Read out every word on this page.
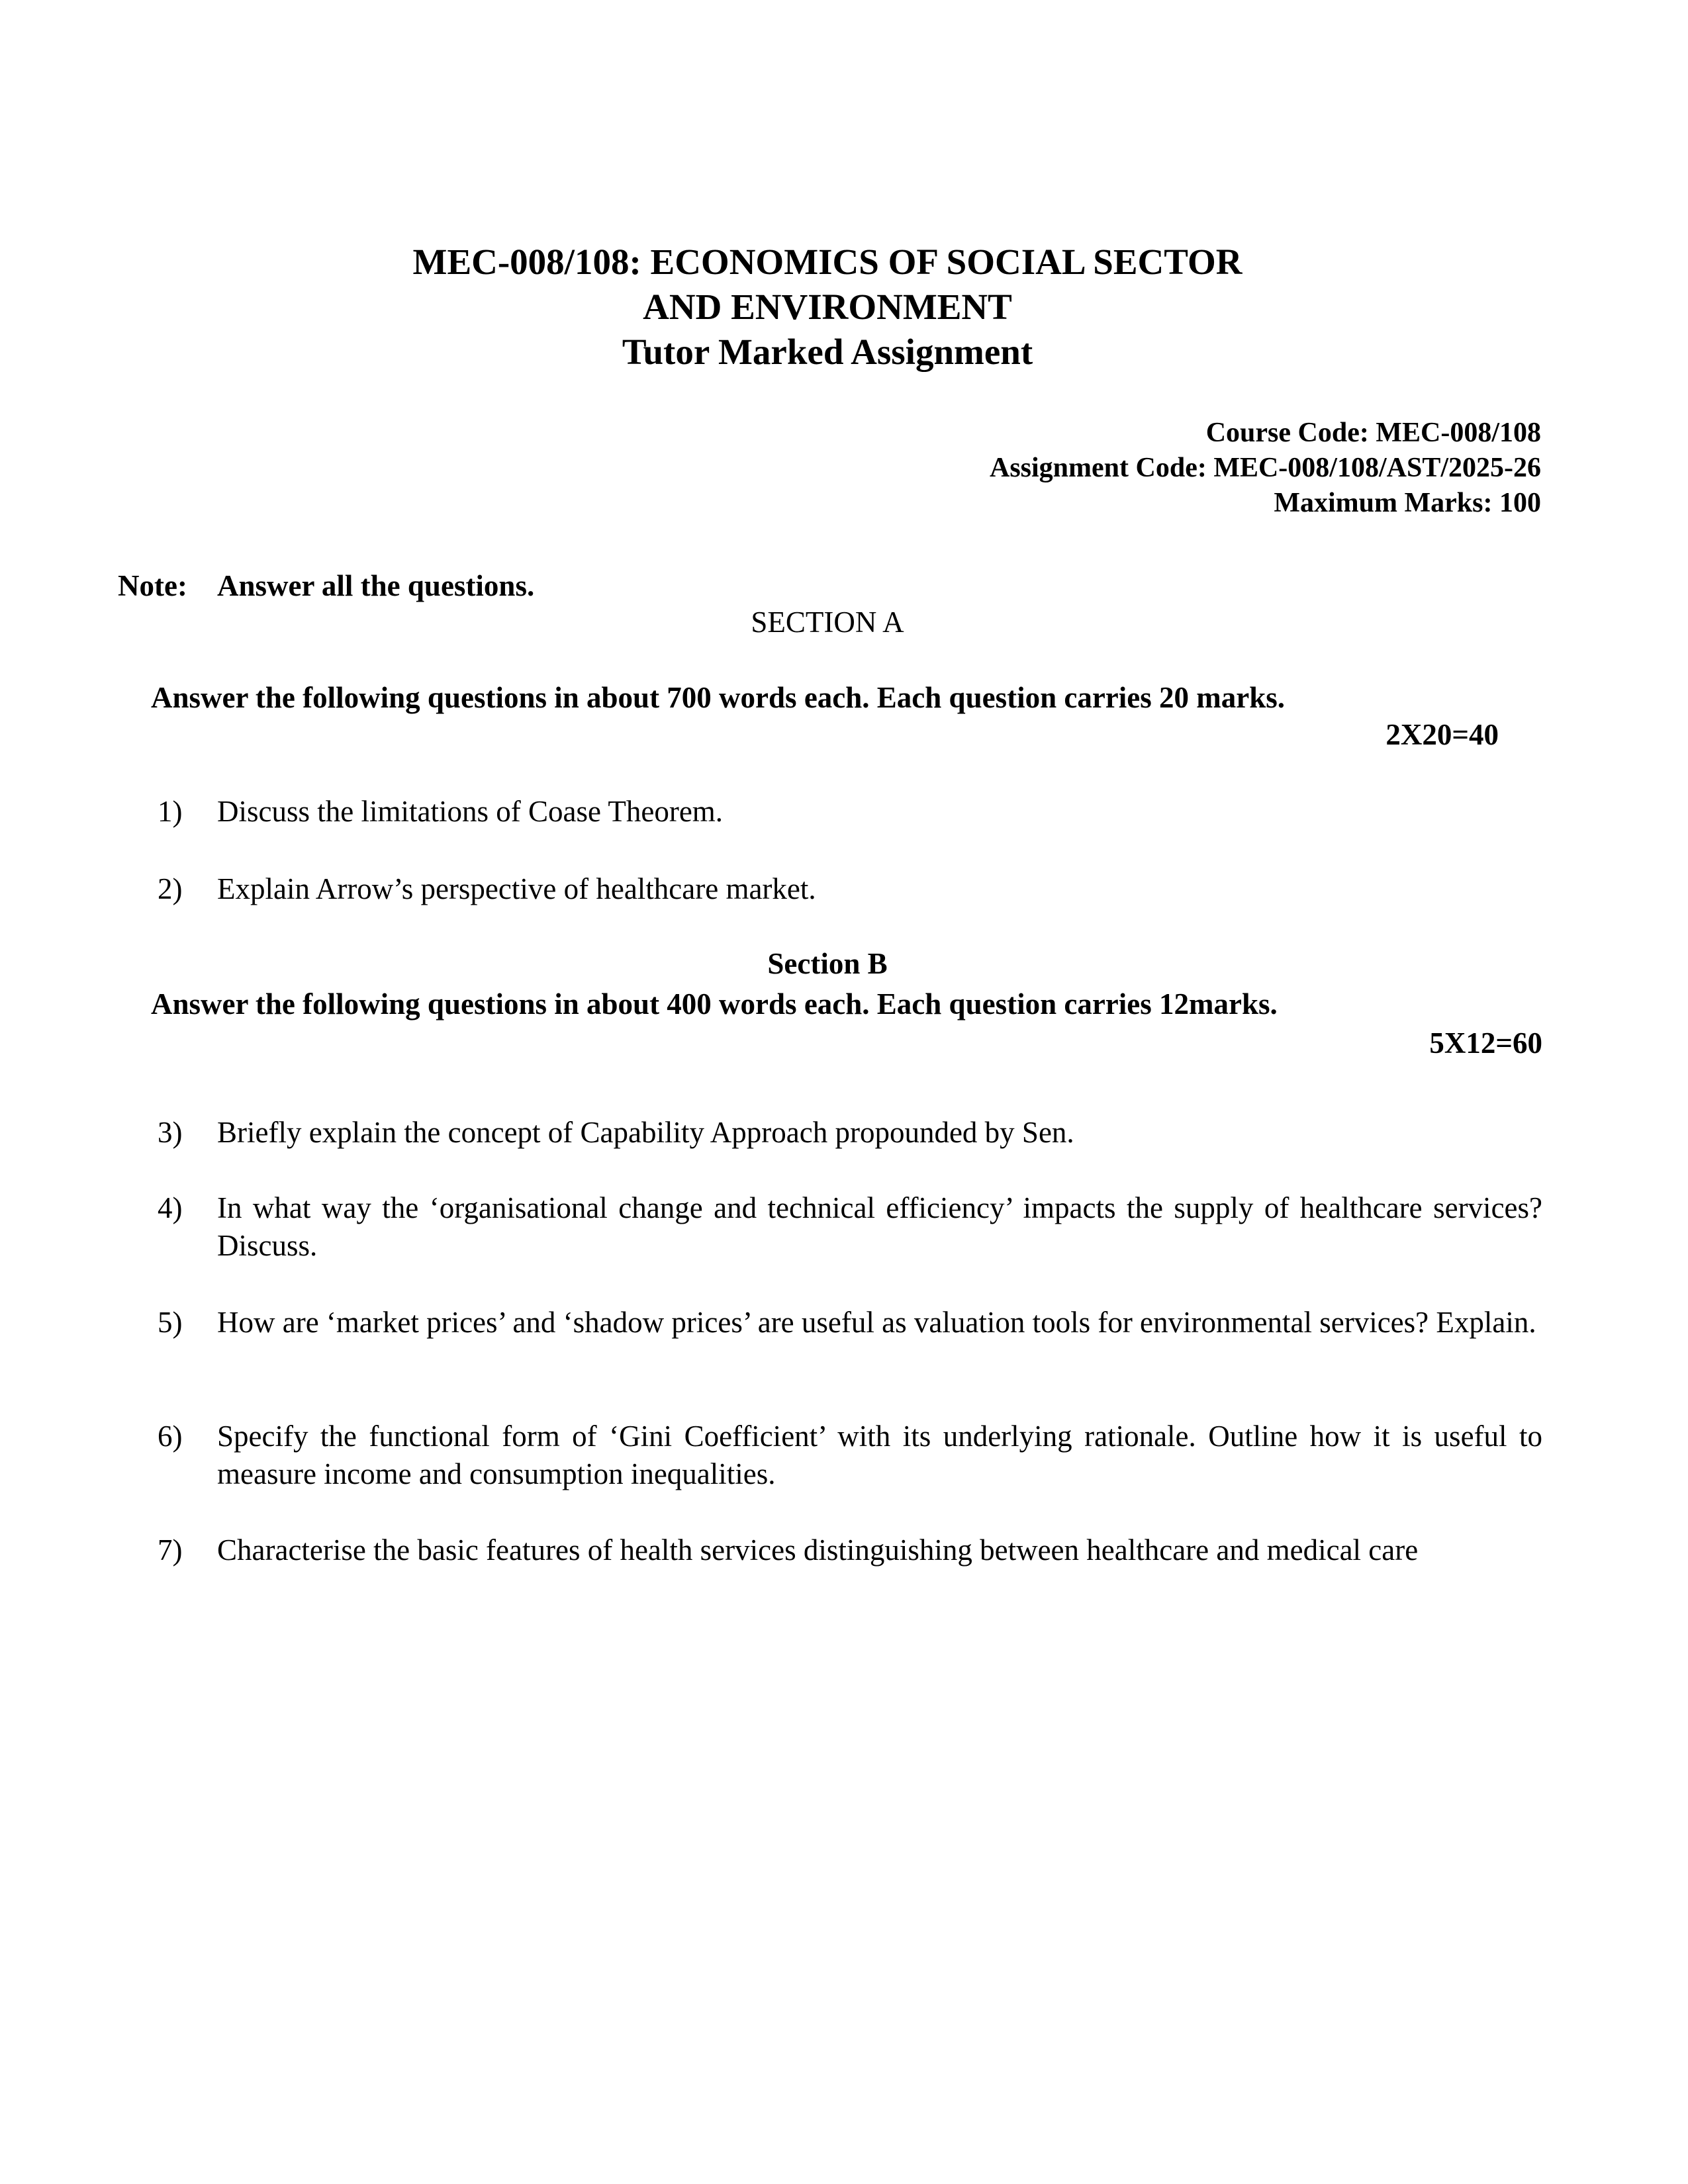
MEC-008/108: ECONOMICS OF SOCIAL SECTOR
AND ENVIRONMENT
Tutor Marked Assignment
Course Code: MEC-008/108
Assignment Code: MEC-008/108/AST/2025-26
Maximum Marks: 100
Note: Answer all the questions.
SECTION A
Answer the following questions in about 700 words each. Each question carries 20 marks.
2X20=40
1)	Discuss the limitations of Coase Theorem.
2)	Explain Arrow’s perspective of healthcare market.
Section B
Answer the following questions in about 400 words each. Each question carries 12marks.
5X12=60
3)	Briefly explain the concept of Capability Approach propounded by Sen.
4)	In what way the ‘organisational change and technical efficiency’ impacts the supply of healthcare services? Discuss.
5)	How are ‘market prices’ and ‘shadow prices’ are useful as valuation tools for environmental services? Explain.
6)	Specify the functional form of ‘Gini Coefficient’ with its underlying rationale. Outline how it is useful to measure income and consumption inequalities.
7)	Characterise the basic features of health services distinguishing between healthcare and medical care
